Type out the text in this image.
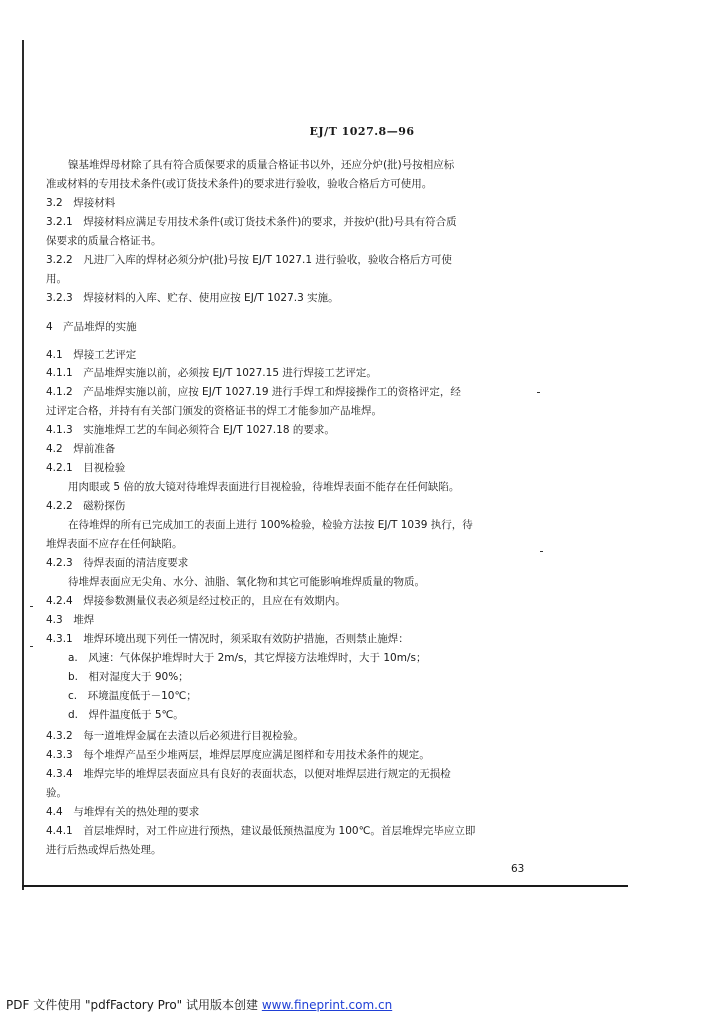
EJ/T 1027.8—96
镍基堆焊母材除了具有符合质保要求的质量合格证书以外，还应分炉(批)号按相应标
准或材料的专用技术条件(或订货技术条件)的要求进行验收，验收合格后方可使用。
3.2　焊接材料
3.2.1　焊接材料应满足专用技术条件(或订货技术条件)的要求，并按炉(批)号具有符合质
保要求的质量合格证书。
3.2.2　凡进厂入库的焊材必须分炉(批)号按 EJ/T 1027.1 进行验收，验收合格后方可使
用。
3.2.3　焊接材料的入库、贮存、使用应按 EJ/T 1027.3 实施。
4　产品堆焊的实施
4.1　焊接工艺评定
4.1.1　产品堆焊实施以前，必须按 EJ/T 1027.15 进行焊接工艺评定。
4.1.2　产品堆焊实施以前，应按 EJ/T 1027.19 进行手焊工和焊接操作工的资格评定，经
过评定合格，并持有有关部门颁发的资格证书的焊工才能参加产品堆焊。
4.1.3　实施堆焊工艺的车间必须符合 EJ/T 1027.18 的要求。
4.2　焊前准备
4.2.1　目视检验
用肉眼或 5 倍的放大镜对待堆焊表面进行目视检验，待堆焊表面不能存在任何缺陷。
4.2.2　磁粉探伤
在待堆焊的所有已完成加工的表面上进行 100%检验，检验方法按 EJ/T 1039 执行，待
堆焊表面不应存在任何缺陷。
4.2.3　待焊表面的清洁度要求
待堆焊表面应无尖角、水分、油脂、氧化物和其它可能影响堆焊质量的物质。
4.2.4　焊接参数测量仪表必须是经过校正的，且应在有效期内。
4.3　堆焊
4.3.1　堆焊环境出现下列任一情况时，须采取有效防护措施，否则禁止施焊：
a.　风速：气体保护堆焊时大于 2m/s，其它焊接方法堆焊时，大于 10m/s；
b.　相对湿度大于 90%；
c.　环境温度低于－10℃；
d.　焊件温度低于 5℃。
4.3.2　每一道堆焊金属在去渣以后必须进行目视检验。
4.3.3　每个堆焊产品至少堆两层，堆焊层厚度应满足图样和专用技术条件的规定。
4.3.4　堆焊完毕的堆焊层表面应具有良好的表面状态，以便对堆焊层进行规定的无损检
验。
4.4　与堆焊有关的热处理的要求
4.4.1　首层堆焊时，对工件应进行预热，建议最低预热温度为 100℃。首层堆焊完毕应立即
进行后热或焊后热处理。
63
PDF 文件使用 "pdfFactory Pro" 试用版本创建 www.fineprint.com.cn
